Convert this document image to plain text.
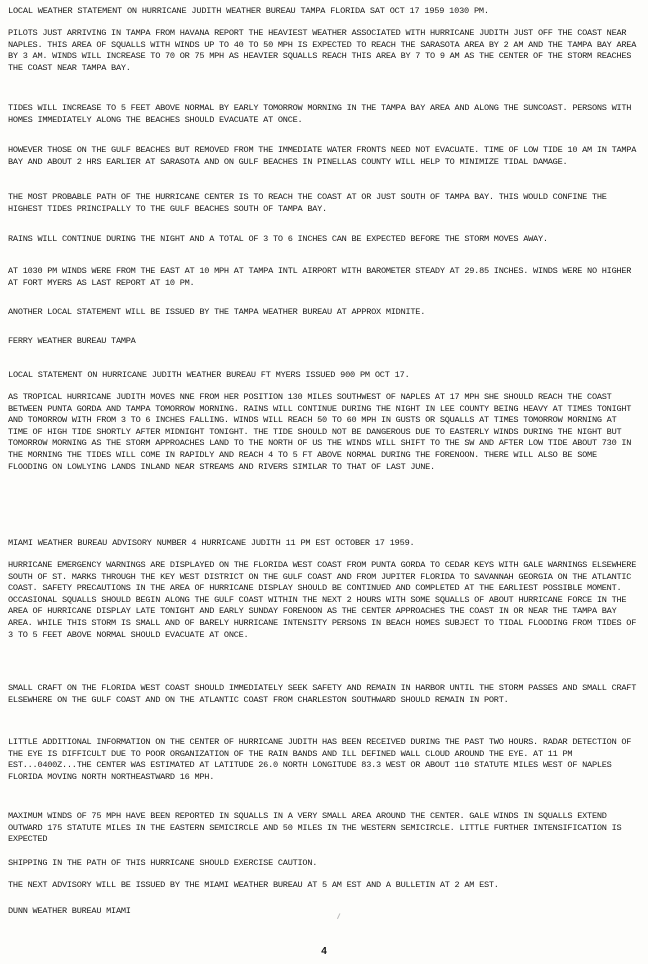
LOCAL WEATHER STATEMENT ON HURRICANE JUDITH WEATHER BUREAU TAMPA FLORIDA SAT OCT 17 1959 1030 PM.

PILOTS JUST ARRIVING IN TAMPA FROM HAVANA REPORT THE HEAVIEST WEATHER ASSOCIATED WITH HURRICANE JUDITH JUST OFF THE COAST NEAR NAPLES. THIS AREA OF SQUALLS WITH WINDS UP TO 40 TO 50 MPH IS EXPECTED TO REACH THE SARASOTA AREA BY 2 AM AND THE TAMPA BAY AREA BY 3 AM. WINDS WILL INCREASE TO 70 OR 75 MPH AS HEAVIER SQUALLS REACH THIS AREA BY 7 TO 9 AM AS THE CENTER OF THE STORM REACHES THE COAST NEAR TAMPA BAY.

TIDES WILL INCREASE TO 5 FEET ABOVE NORMAL BY EARLY TOMORROW MORNING IN THE TAMPA BAY AREA AND ALONG THE SUNCOAST. PERSONS WITH HOMES IMMEDIATELY ALONG THE BEACHES SHOULD EVACUATE AT ONCE.

HOWEVER THOSE ON THE GULF BEACHES BUT REMOVED FROM THE IMMEDIATE WATER FRONTS NEED NOT EVACUATE. TIME OF LOW TIDE 10 AM IN TAMPA BAY AND ABOUT 2 HRS EARLIER AT SARASOTA AND ON GULF BEACHES IN PINELLAS COUNTY WILL HELP TO MINIMIZE TIDAL DAMAGE.

THE MOST PROBABLE PATH OF THE HURRICANE CENTER IS TO REACH THE COAST AT OR JUST SOUTH OF TAMPA BAY. THIS WOULD CONFINE THE HIGHEST TIDES PRINCIPALLY TO THE GULF BEACHES SOUTH OF TAMPA BAY.

RAINS WILL CONTINUE DURING THE NIGHT AND A TOTAL OF 3 TO 6 INCHES CAN BE EXPECTED BEFORE THE STORM MOVES AWAY.

AT 1030 PM WINDS WERE FROM THE EAST AT 10 MPH AT TAMPA INTL AIRPORT WITH BAROMETER STEADY AT 29.85 INCHES. WINDS WERE NO HIGHER AT FORT MYERS AS LAST REPORT AT 10 PM.

ANOTHER LOCAL STATEMENT WILL BE ISSUED BY THE TAMPA WEATHER BUREAU AT APPROX MIDNITE.

FERRY WEATHER BUREAU TAMPA

LOCAL STATEMENT ON HURRICANE JUDITH WEATHER BUREAU FT MYERS ISSUED 900 PM OCT 17.

AS TROPICAL HURRICANE JUDITH MOVES NNE FROM HER POSITION 130 MILES SOUTHWEST OF NAPLES AT 17 MPH SHE SHOULD REACH THE COAST BETWEEN PUNTA GORDA AND TAMPA TOMORROW MORNING. RAINS WILL CONTINUE DURING THE NIGHT IN LEE COUNTY BEING HEAVY AT TIMES TONIGHT AND TOMORROW WITH FROM 3 TO 6 INCHES FALLING. WINDS WILL REACH 50 TO 60 MPH IN GUSTS OR SQUALLS AT TIMES TOMORROW MORNING AT TIME OF HIGH TIDE SHORTLY AFTER MIDNIGHT TONIGHT. THE TIDE SHOULD NOT BE DANGEROUS DUE TO EASTERLY WINDS DURING THE NIGHT BUT TOMORROW MORNING AS THE STORM APPROACHES LAND TO THE NORTH OF US THE WINDS WILL SHIFT TO THE SW AND AFTER LOW TIDE ABOUT 730 IN THE MORNING THE TIDES WILL COME IN RAPIDLY AND REACH 4 TO 5 FT ABOVE NORMAL DURING THE FORENOON. THERE WILL ALSO BE SOME FLOODING ON LOWLYING LANDS INLAND NEAR STREAMS AND RIVERS SIMILAR TO THAT OF LAST JUNE.

MIAMI WEATHER BUREAU ADVISORY NUMBER 4 HURRICANE JUDITH 11 PM EST OCTOBER 17 1959.

HURRICANE EMERGENCY WARNINGS ARE DISPLAYED ON THE FLORIDA WEST COAST FROM PUNTA GORDA TO CEDAR KEYS WITH GALE WARNINGS ELSEWHERE SOUTH OF ST. MARKS THROUGH THE KEY WEST DISTRICT ON THE GULF COAST AND FROM JUPITER FLORIDA TO SAVANNAH GEORGIA ON THE ATLANTIC COAST. SAFETY PRECAUTIONS IN THE AREA OF HURRICANE DISPLAY SHOULD BE CONTINUED AND COMPLETED AT THE EARLIEST POSSIBLE MOMENT. OCCASIONAL SQUALLS SHOULD BEGIN ALONG THE GULF COAST WITHIN THE NEXT 2 HOURS WITH SOME SQUALLS OF ABOUT HURRICANE FORCE IN THE AREA OF HURRICANE DISPLAY LATE TONIGHT AND EARLY SUNDAY FORENOON AS THE CENTER APPROACHES THE COAST IN OR NEAR THE TAMPA BAY AREA. WHILE THIS STORM IS SMALL AND OF BARELY HURRICANE INTENSITY PERSONS IN BEACH HOMES SUBJECT TO TIDAL FLOODING FROM TIDES OF 3 TO 5 FEET ABOVE NORMAL SHOULD EVACUATE AT ONCE.

SMALL CRAFT ON THE FLORIDA WEST COAST SHOULD IMMEDIATELY SEEK SAFETY AND REMAIN IN HARBOR UNTIL THE STORM PASSES AND SMALL CRAFT ELSEWHERE ON THE GULF COAST AND ON THE ATLANTIC COAST FROM CHARLESTON SOUTHWARD SHOULD REMAIN IN PORT.

LITTLE ADDITIONAL INFORMATION ON THE CENTER OF HURRICANE JUDITH HAS BEEN RECEIVED DURING THE PAST TWO HOURS. RADAR DETECTION OF THE EYE IS DIFFICULT DUE TO POOR ORGANIZATION OF THE RAIN BANDS AND ILL DEFINED WALL CLOUD AROUND THE EYE. AT 11 PM EST...0400Z...THE CENTER WAS ESTIMATED AT LATITUDE 26.0 NORTH LONGITUDE 83.3 WEST OR ABOUT 110 STATUTE MILES WEST OF NAPLES FLORIDA MOVING NORTH NORTHEASTWARD 16 MPH.

MAXIMUM WINDS OF 75 MPH HAVE BEEN REPORTED IN SQUALLS IN A VERY SMALL AREA AROUND THE CENTER. GALE WINDS IN SQUALLS EXTEND OUTWARD 175 STATUTE MILES IN THE EASTERN SEMICIRCLE AND 50 MILES IN THE WESTERN SEMICIRCLE. LITTLE FURTHER INTENSIFICATION IS EXPECTED

SHIPPING IN THE PATH OF THIS HURRICANE SHOULD EXERCISE CAUTION.

THE NEXT ADVISORY WILL BE ISSUED BY THE MIAMI WEATHER BUREAU AT 5 AM EST AND A BULLETIN AT 2 AM EST.

DUNN WEATHER BUREAU MIAMI

4
